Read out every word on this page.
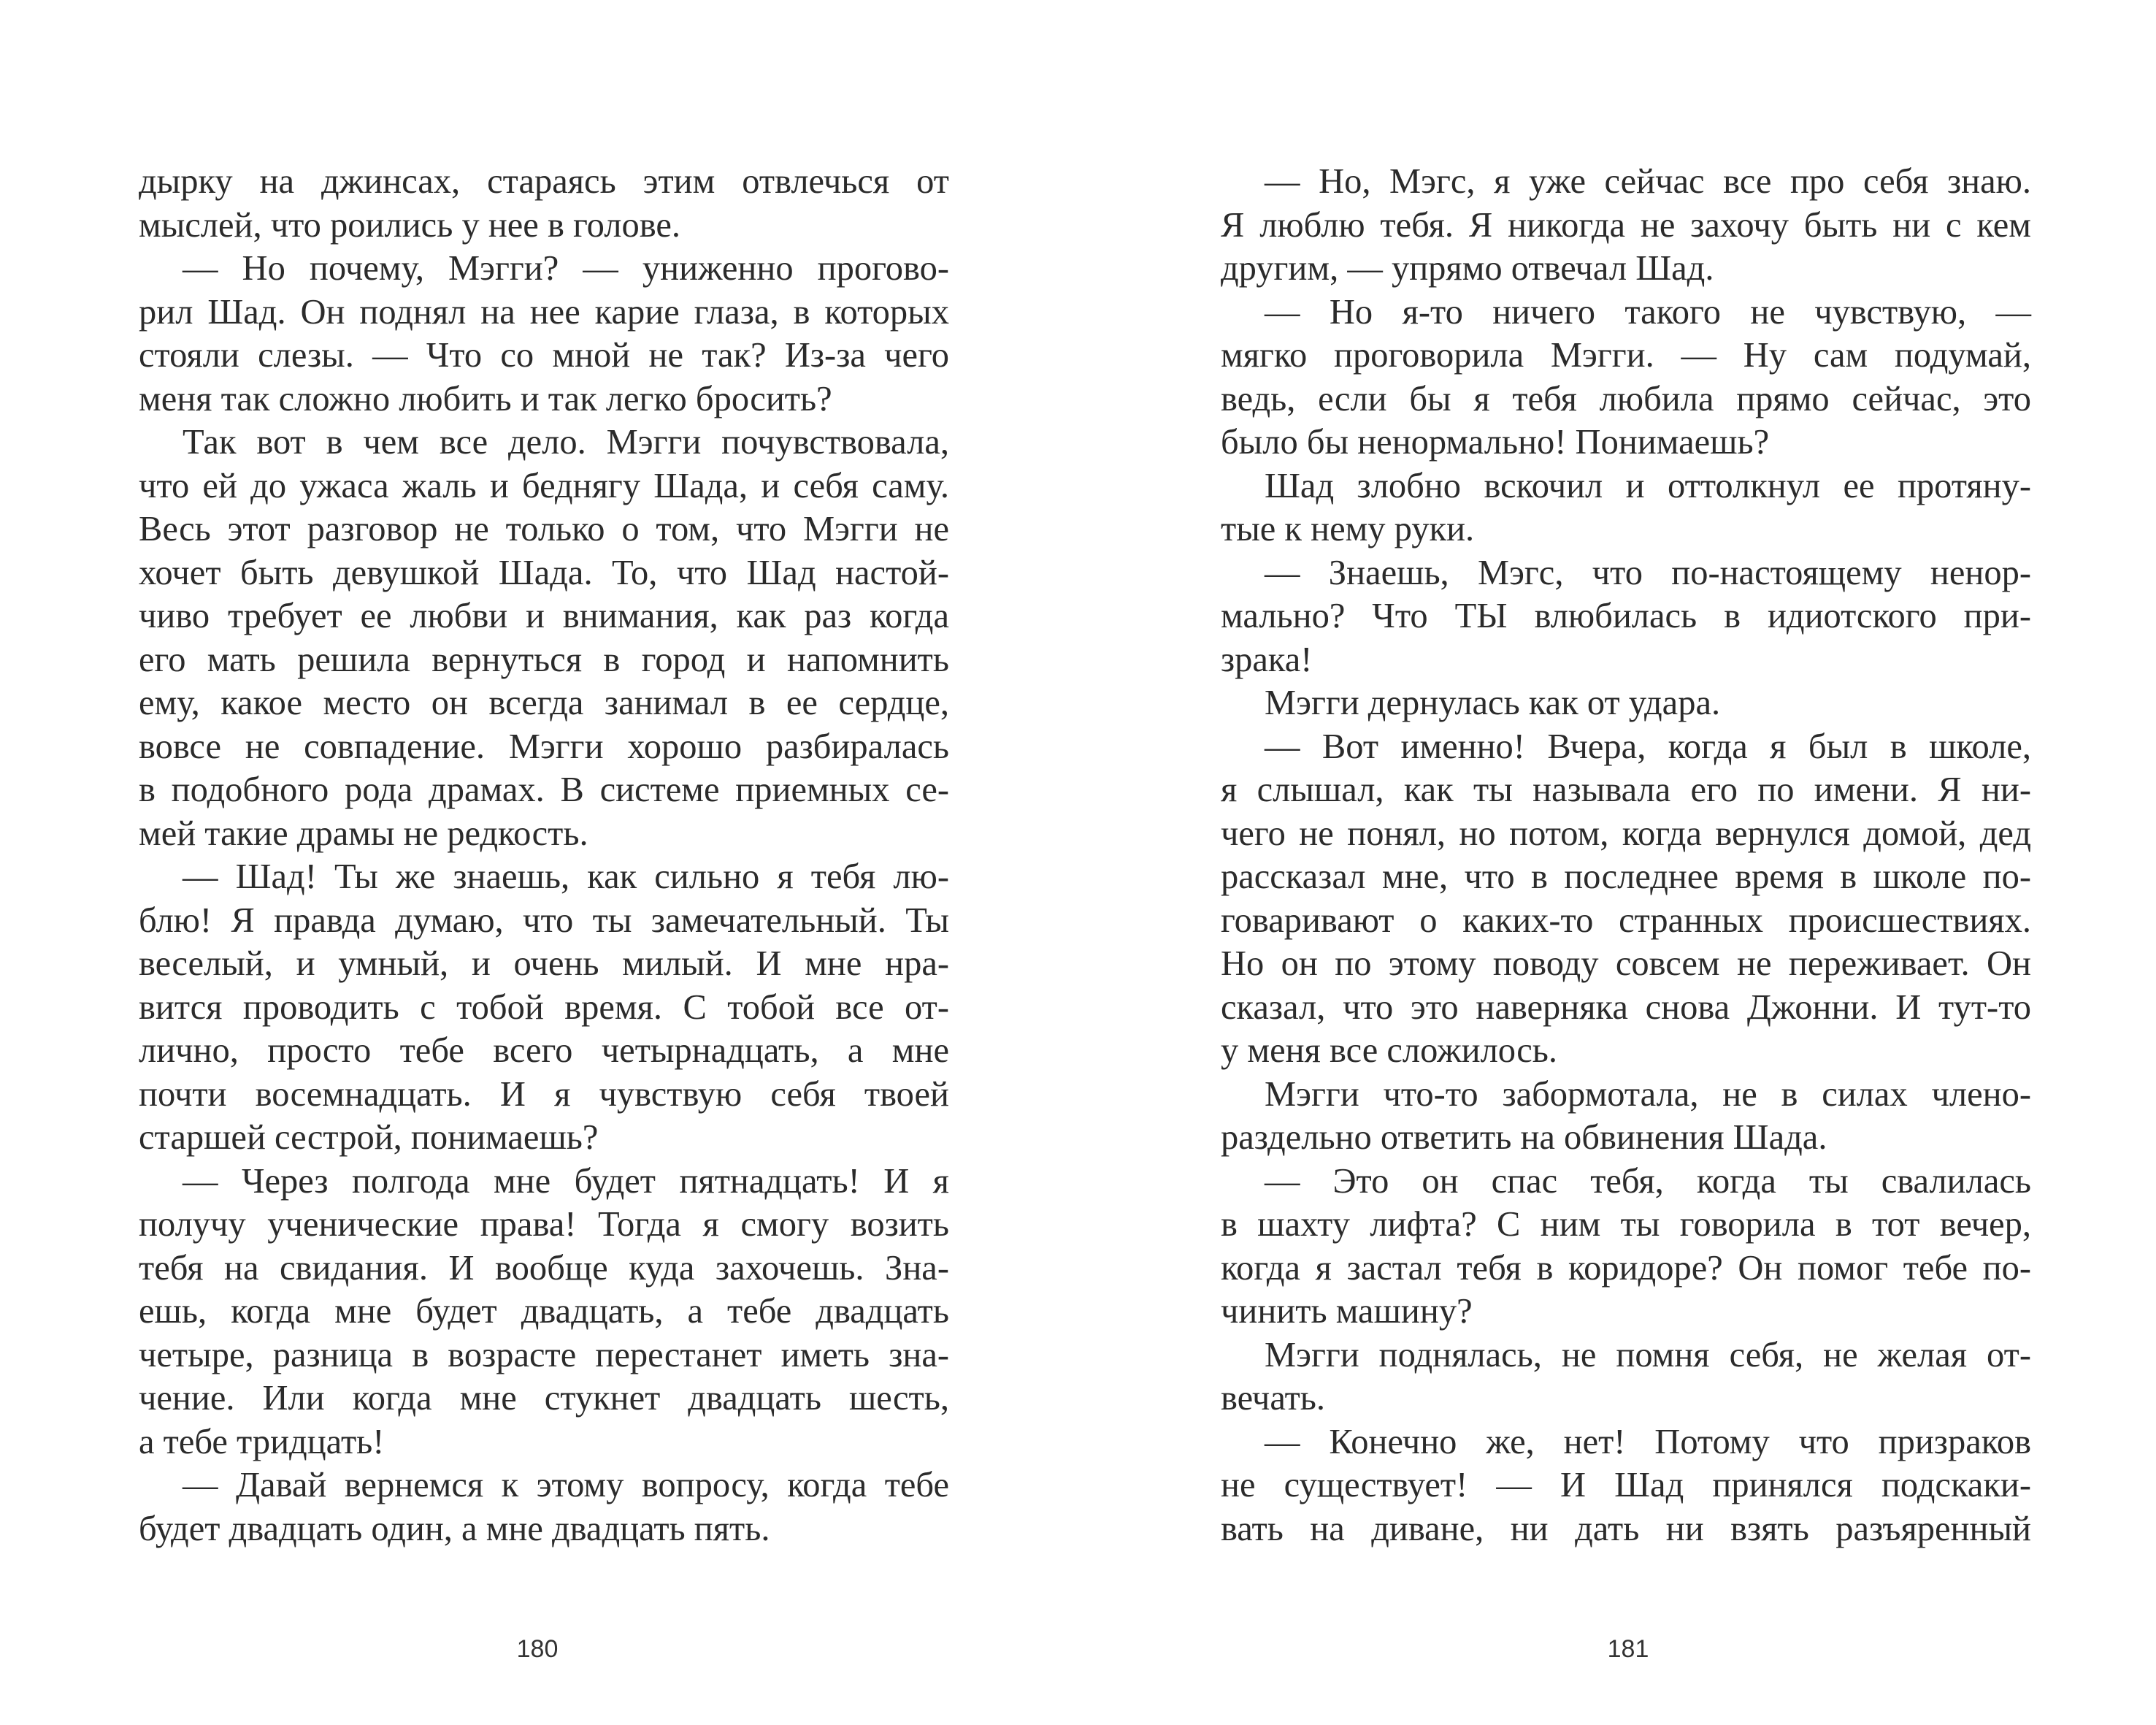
дырку на джинсах, стараясь этим отвлечься от
мыслей, что роились у нее в голове.
— Но почему, Мэгги? — униженно прогово-
рил Шад. Он поднял на нее карие глаза, в которых
стояли слезы. — Что со мной не так? Из-за чего
меня так сложно любить и так легко бросить?
Так вот в чем все дело. Мэгги почувствовала,
что ей до ужаса жаль и беднягу Шада, и себя саму.
Весь этот разговор не только о том, что Мэгги не
хочет быть девушкой Шада. То, что Шад настой-
чиво требует ее любви и внимания, как раз когда
его мать решила вернуться в город и напомнить
ему, какое место он всегда занимал в ее сердце,
вовсе не совпадение. Мэгги хорошо разбиралась
в подобного рода драмах. В системе приемных се-
мей такие драмы не редкость.
— Шад! Ты же знаешь, как сильно я тебя лю-
блю! Я правда думаю, что ты замечательный. Ты
веселый, и умный, и очень милый. И мне нра-
вится проводить с тобой время. С тобой все от-
лично, просто тебе всего четырнадцать, а мне
почти восемнадцать. И я чувствую себя твоей
старшей сестрой, понимаешь?
— Через полгода мне будет пятнадцать! И я
получу ученические права! Тогда я смогу возить
тебя на свидания. И вообще куда захочешь. Зна-
ешь, когда мне будет двадцать, а тебе двадцать
четыре, разница в возрасте перестанет иметь зна-
чение. Или когда мне стукнет двадцать шесть,
а тебе тридцать!
— Давай вернемся к этому вопросу, когда тебе
будет двадцать один, а мне двадцать пять.
180
— Но, Мэгс, я уже сейчас все про себя знаю.
Я люблю тебя. Я никогда не захочу быть ни с кем
другим, — упрямо отвечал Шад.
— Но я-то ничего такого не чувствую, —
мягко проговорила Мэгги. — Ну сам подумай,
ведь, если бы я тебя любила прямо сейчас, это
было бы ненормально! Понимаешь?
Шад злобно вскочил и оттолкнул ее протяну-
тые к нему руки.
— Знаешь, Мэгс, что по-настоящему ненор-
мально? Что ТЫ влюбилась в идиотского при-
зрака!
Мэгги дернулась как от удара.
— Вот именно! Вчера, когда я был в школе,
я слышал, как ты называла его по имени. Я ни-
чего не понял, но потом, когда вернулся домой, дед
рассказал мне, что в последнее время в школе по-
говаривают о каких-то странных происшествиях.
Но он по этому поводу совсем не переживает. Он
сказал, что это наверняка снова Джонни. И тут-то
у меня все сложилось.
Мэгги что-то забормотала, не в силах члено-
раздельно ответить на обвинения Шада.
— Это он спас тебя, когда ты свалилась
в шахту лифта? С ним ты говорила в тот вечер,
когда я застал тебя в коридоре? Он помог тебе по-
чинить машину?
Мэгги поднялась, не помня себя, не желая от-
вечать.
— Конечно же, нет! Потому что призраков
не существует! — И Шад принялся подскаки-
вать на диване, ни дать ни взять разъяренный
181
